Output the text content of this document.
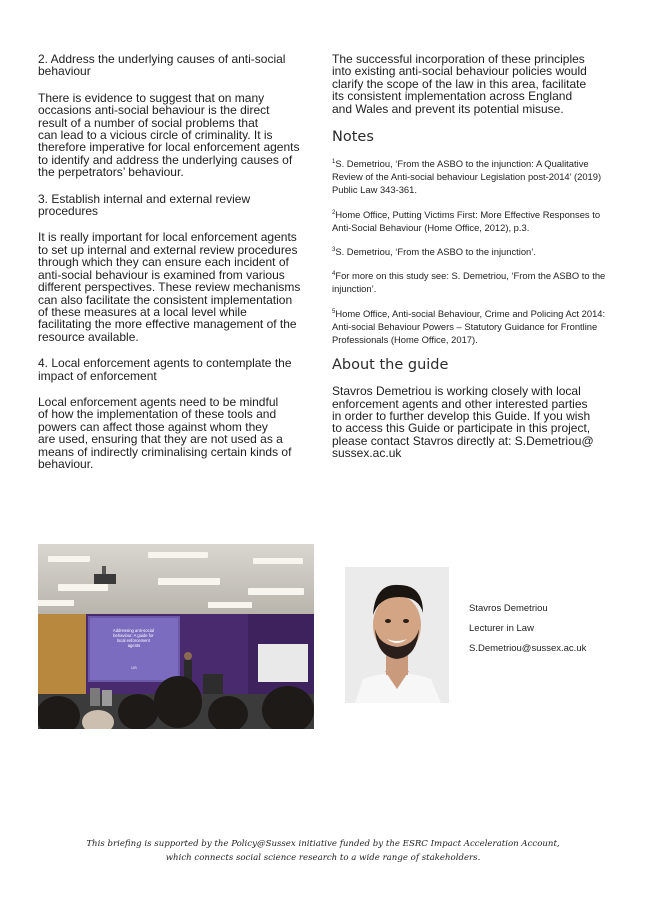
2. Address the underlying causes of anti-social
behaviour

There is evidence to suggest that on many
occasions anti-social behaviour is the direct
result of a number of social problems that
can lead to a vicious circle of criminality. It is
therefore imperative for local enforcement agents
to identify and address the underlying causes of
the perpetrators’ behaviour.

3. Establish internal and external review
procedures

It is really important for local enforcement agents
to set up internal and external review procedures
through which they can ensure each incident of
anti-social behaviour is examined from various
different perspectives. These review mechanisms
can also facilitate the consistent implementation
of these measures at a local level while
facilitating the more effective management of the
resource available.

4. Local enforcement agents to contemplate the
impact of enforcement

Local enforcement agents need to be mindful
of how the implementation of these tools and
powers can affect those against whom they
are used, ensuring that they are not used as a
means of indirectly criminalising certain kinds of
behaviour.

The successful incorporation of these principles
into existing anti-social behaviour policies would
clarify the scope of the law in this area, facilitate
its consistent implementation across England
and Wales and prevent its potential misuse.

Notes

$^1$S. Demetriou, ‘From the ASBO to the injunction: A Qualitative Review of the Anti-social behaviour Legislation post-2014’ (2019) Public Law 343-361.

$^2$Home Office, Putting Victims First: More Effective Responses to Anti-Social Behaviour (Home Office, 2012), p.3.

$^3$S. Demetriou, ‘From the ASBO to the injunction’.

$^4$For more on this study see: S. Demetriou, ‘From the ASBO to the injunction’.

$^5$Home Office, Anti-social Behaviour, Crime and Policing Act 2014: Anti-social Behaviour Powers – Statutory Guidance for Frontline Professionals (Home Office, 2017).

About the guide

Stavros Demetriou is working closely with local
enforcement agents and other interested parties
in order to further develop this Guide. If you wish
to access this Guide or participate in this project,
please contact Stavros directly at: S.Demetriou@
sussex.ac.uk

Addressing anti-social behaviour: A guide for local enforcement agents
US
Stavros Demetriou
Lecturer in Law
S.Demetriou@sussex.ac.uk
This briefing is supported by the Policy@Sussex initiative funded by the ESRC Impact Acceleration Account,
which connects social science research to a wide range of stakeholders.
